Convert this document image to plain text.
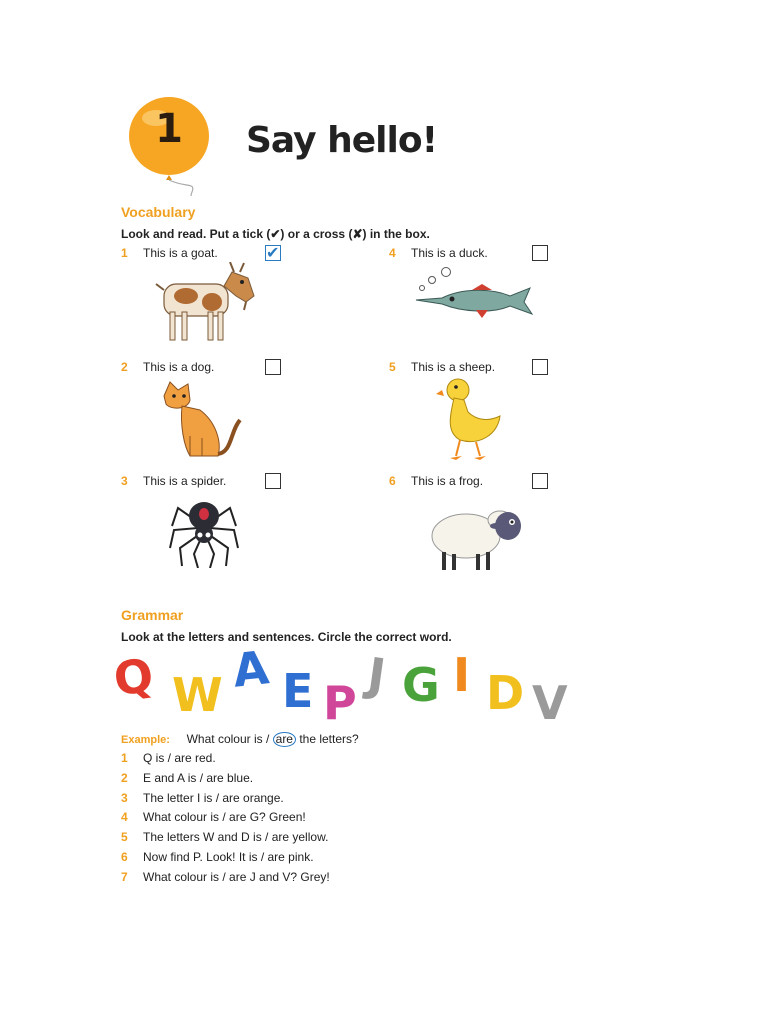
1	Say hello!
Vocabulary
Look and read. Put a tick (✔) or a cross (✘) in the box.
1 This is a goat.	✔
2 This is a dog.
3 This is a spider.
4 This is a duck.
5 This is a sheep.
6 This is a frog.
Grammar
Look at the letters and sentences. Circle the correct word.
Q W A E P
J G I D V
Example: What colour is / are the letters?
1 Q is / are red.
2 E and A is / are blue.
3 The letter I is / are orange.
4 What colour is / are G? Green!
5 The letters W and D is / are yellow.
6 Now find P. Look! It is / are pink.
7 What colour is / are J and V? Grey!
